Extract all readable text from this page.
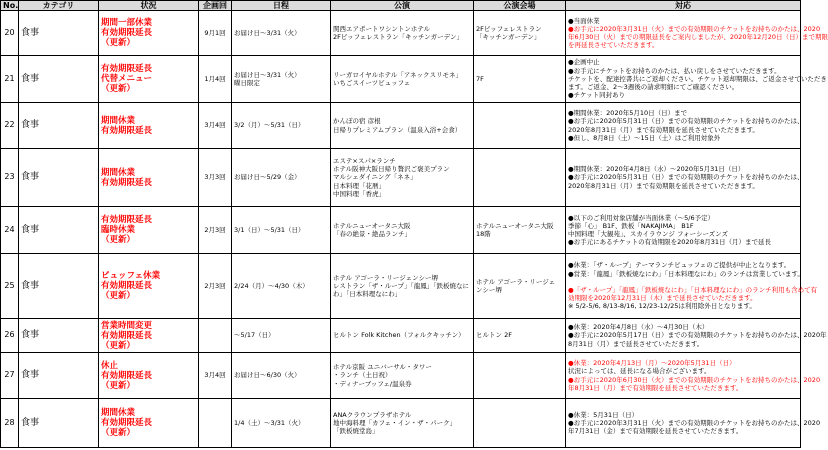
No.	カテゴリ	状況	企画回	日程	公演	公演会場	対応
20	食事	期間一部休業
有効期限延長
（更新）	9月1回	お届け日～3/31（火）	関西エアポートワシントンホテル
2Fビッフェレストラン「キッチンガーデン」	2Fビッフェレストラン
「キッチンガーデン」	●当面休業
●お手元に2020年3月31日（火）までの有効期限のチケットをお持ちのかたは、2020
年6月30日（火）までの期限延長をご案内しましたが、2020年12月20日（日）まで期限
を再延長させていただきます。

21	食事	有効期限延長
代替メニュー
（更新）	1月4回	お届け日～3/31（火）
曜日限定	リーガロイヤルホテル「アネックスリモネ」
いちごスイーツビュッフェ	7F	●企画中止
●お手元にチケットをお持ちのかたは、払い戻しをさせていただきます。
チケットを、配達控書共にご返却ください。チケット返却期限は、ご返金させていただき
ます。ご返金、2～3週後の請求明細にてご確認ください。
●チケット同封あり

22	食事	期間休業
有効期限延長	3月4回	3/2（月）～5/31（日）	かんぽの宿 彦根
日帰りプレミアムプラン（温泉入浴+会食）		●期間休業：2020年5月10日（日）まで
●お手元に2020年5月31日（日）までの有効期限のチケットをお持ちのかたは、
2020年8月31日（月）まで有効期限を延長させていただきます。
●但し、8月8日（土）～15日（土）はご利用対象外

23	食事	期間休業
有効期限延長	3月3回	お届け日～5/29（金）	エステ×スパ×ランチ
ホテル阪神大阪日帰り贅沢ご褒美プラン
マルシェダイニング「ネネ」
日本料理「花暦」
中国料理「香虎」		●期間休業：2020年4月8日（水）～2020年5月31日（日）
●お手元に2020年5月31日（日）までの有効期限のチケットをお持ちのかたは、
2020年8月31日（月）まで有効期限を延長させていただきます。

24	食事	有効期限延長
臨時休業
（更新）	2月3回	3/1（日）～5/31（日）	ホテルニューオータニ大阪
「春の絶景・絶品ランチ」	ホテルニューオータニ大阪
18階	●以下のご利用対象店舗が当面休業（～5/6予定）
季節「心」 B1F、鉄板「NAKAJIMA」 B1F
中国料理「大観苑」、スカイラウンジ フォーシーズンズ
●お手元にあるチケットの有効期限を2020年8月31日（月）まで延長

25	食事	ビュッフェ休業
有効期限延長
（更新）	2月3回	2/24（月）～4/30（木）	ホテル アゴーラ・リージェンシー堺
レストラン「ザ・ループ」「龍鳳」「鉄板焼なにわ」「日本料理なにわ」	ホテル アゴーラ・リージェ
ンシー堺	●休業：「ザ・ループ」テーマランチビュッフェのご提供が中止となります。
●営業：「龍鳳」「鉄板焼なにわ」「日本料理なにわ」のランチは営業しています。

●「ザ・ループ」「龍鳳」「鉄板焼なにわ」「日本料理なにわ」のランチ利用も含めて有
効期限を2020年12月31日（木）まで延長させていただきます。
※ 5/2-5/6, 8/13-8/16, 12/23-12/25は利用除外日となります。

26	食事	営業時間変更
有効期限延長
（更新）		～5/17（日）	ヒルトン Folk Kitchen（フォルクキッチン）	ヒルトン 2F	●休業：2020年4月8日（水）～4月30日（木）
●お手元に2020年5月17日（日）までの有効期限のチケットをお持ちのかたは、2020年
8月31日（月）まで延長させていただきます。

27	食事	休止
有効期限延長
（更新）	3月4回	お届け日～6/30（火）	ホテル京阪 ユニバーサル・タワー
・ランチ（土日祝）
・ディナーブッフェ/温泉券		●休業：2020年4月13日（月）～2020年5月31日（日）
状況によっては、延長になる場合がございます。
●お手元に2020年6月30日（火）までの有効期限のチケットをお持ちのかたは、2020
年8月31日（月）まで有効期限を延長させていただきます。

28	食事	期間休業
有効期限延長
（更新）		1/4（土）～3/31（火）	ANAクラウンプラザホテル
地中海料理「カフェ・イン・ザ・パーク」
「鉄板焼堂島」		●休業：5月31日（日）
●お手元に2020年3月31日（火）までの有効期限のチケットをお持ちのかたは、2020
年7月31日（金）まで有効期限を延長させていただきます。
